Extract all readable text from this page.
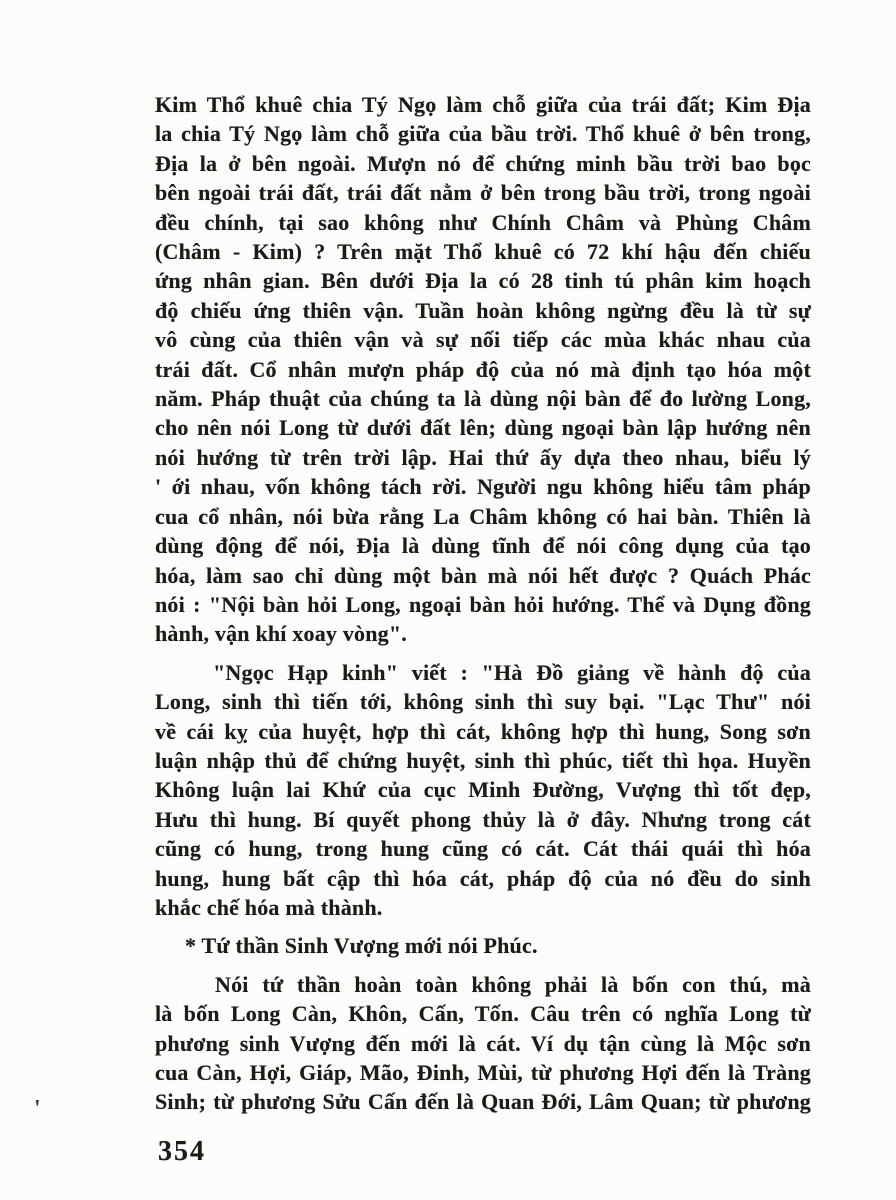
Kim Thổ khuê chia Tý Ngọ làm chỗ giữa của trái đất; Kim Địa
la chia Tý Ngọ làm chỗ giữa của bầu trời. Thổ khuê ở bên trong,
Địa la ở bên ngoài. Mượn nó để chứng minh bầu trời bao bọc
bên ngoài trái đất, trái đất nằm ở bên trong bầu trời, trong ngoài
đều chính, tại sao không như Chính Châm và Phùng Châm
(Châm - Kim) ? Trên mặt Thổ khuê có 72 khí hậu đến chiếu
ứng nhân gian. Bên dưới Địa la có 28 tinh tú phân kim hoạch
độ chiếu ứng thiên vận. Tuần hoàn không ngừng đều là từ sự
vô cùng của thiên vận và sự nối tiếp các mùa khác nhau của
trái đất. Cổ nhân mượn pháp độ của nó mà định tạo hóa một
năm. Pháp thuật của chúng ta là dùng nội bàn để đo lường Long,
cho nên nói Long từ dưới đất lên; dùng ngoại bàn lập hướng nên
nói hướng từ trên trời lập. Hai thứ ấy dựa theo nhau, biểu lý
' ới nhau, vốn không tách rời. Người ngu không hiểu tâm pháp
cua cổ nhân, nói bừa rằng La Châm không có hai bàn. Thiên là
dùng động để nói, Địa là dùng tĩnh để nói công dụng của tạo
hóa, làm sao chỉ dùng một bàn mà nói hết được ? Quách Phác
nói : "Nội bàn hỏi Long, ngoại bàn hỏi hướng. Thể và Dụng đồng
hành, vận khí xoay vòng".
"Ngọc Hạp kinh" viết : "Hà Đồ giảng về hành độ của
Long, sinh thì tiến tới, không sinh thì suy bại. "Lạc Thư" nói
về cái kỵ của huyệt, hợp thì cát, không hợp thì hung, Song sơn
luận nhập thủ để chứng huyệt, sinh thì phúc, tiết thì họa. Huyền
Không luận lai Khứ của cục Minh Đường, Vượng thì tốt đẹp,
Hưu thì hung. Bí quyết phong thủy là ở đây. Nhưng trong cát
cũng có hung, trong hung cũng có cát. Cát thái quái thì hóa
hung, hung bất cập thì hóa cát, pháp độ của nó đều do sinh
khắc chế hóa mà thành.
* Tứ thần Sinh Vượng mới nói Phúc.
Nói tứ thần hoàn toàn không phải là bốn con thú, mà
là bốn Long Càn, Khôn, Cấn, Tốn. Câu trên có nghĩa Long từ
phương sinh Vượng đến mới là cát. Ví dụ tận cùng là Mộc sơn
cua Càn, Hợi, Giáp, Mão, Đinh, Mùi, từ phương Hợi đến là Tràng
Sinh; từ phương Sửu Cấn đến là Quan Đới, Lâm Quan; từ phương
'
354
